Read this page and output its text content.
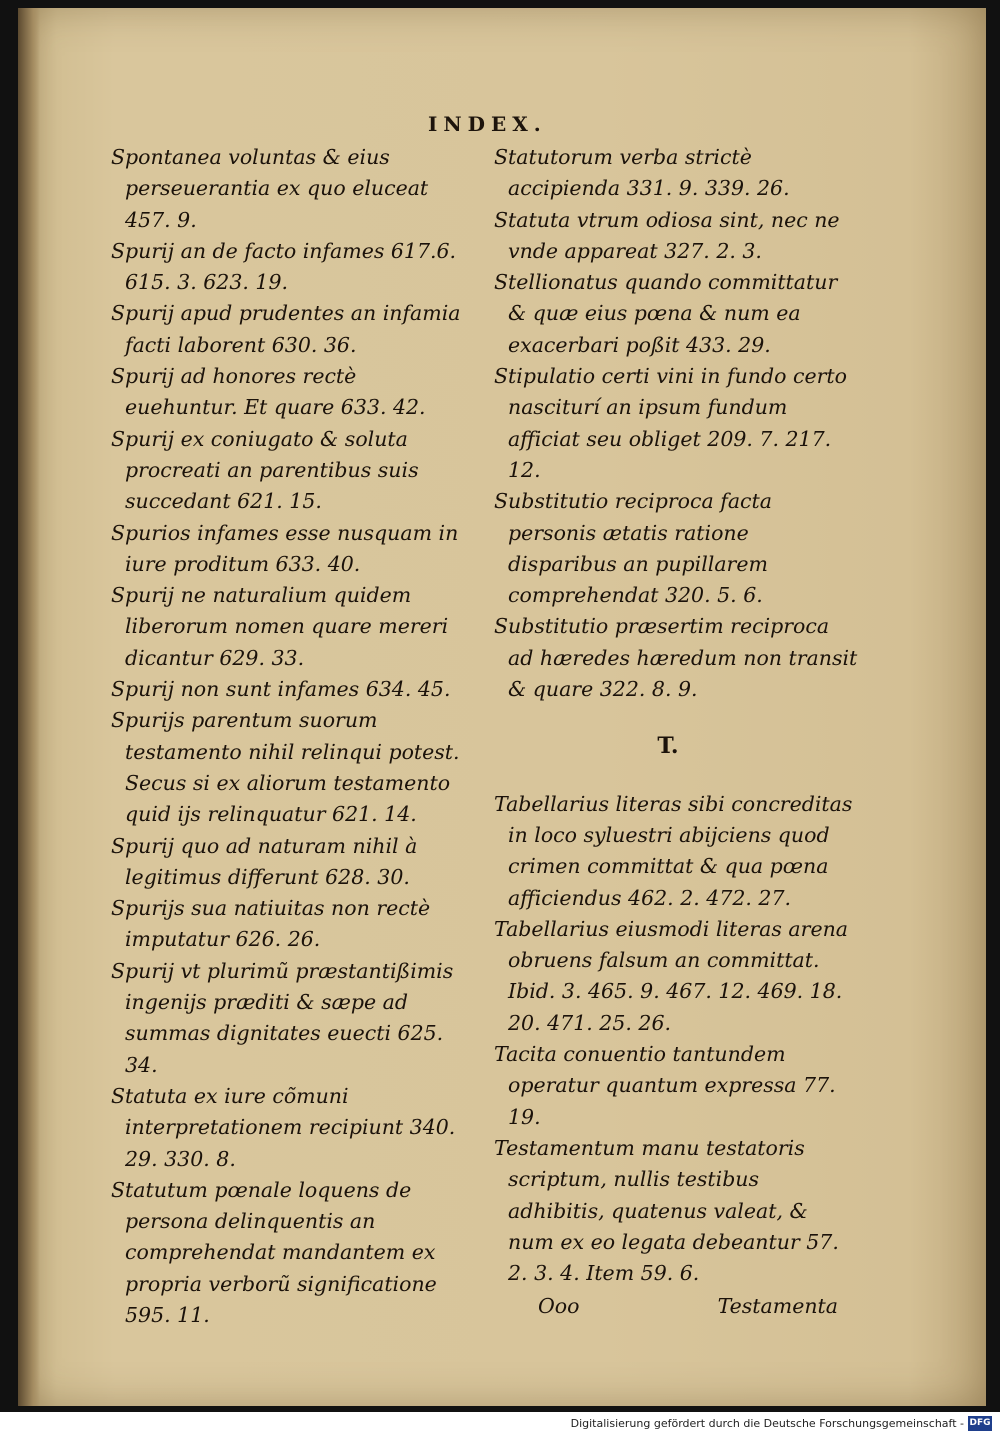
INDEX.

Spontanea voluntas & eius perseuerantia ex quo eluceat 457. 9.

Spurij an de facto infames 617.6. 615. 3. 623. 19.

Spurij apud prudentes an infamia facti laborent 630. 36.

Spurij ad honores rectè euehuntur. Et quare 633. 42.

Spurij ex coniugato & soluta procreati an parentibus suis succedant 621. 15.

Spurios infames esse nusquam in iure proditum 633. 40.

Spurij ne naturalium quidem liberorum nomen quare mereri dicantur 629. 33.

Spurij non sunt infames 634. 45.

Spurijs parentum suorum testamento nihil relinqui potest. Secus si ex aliorum testamento quid ijs relinquatur 621. 14.

Spurij quo ad naturam nihil à legitimus differunt 628. 30.

Spurijs sua natiuitas non rectè imputatur 626. 26.

Spurij vt plurimũ præstantißimis ingenijs præditi & sæpe ad summas dignitates euecti 625. 34.

Statuta ex iure cõmuni interpretationem recipiunt 340. 29. 330. 8.

Statutum pœnale loquens de persona delinquentis an comprehendat mandantem ex propria verborũ significatione 595. 11.

Statutorum verba strictè accipienda 331. 9. 339. 26.

Statuta vtrum odiosa sint, nec ne vnde appareat 327. 2. 3.

Stellionatus quando committatur & quæ eius pœna & num ea exacerbari poßit 433. 29.

Stipulatio certi vini in fundo certo nasciturí an ipsum fundum afficiat seu obliget 209. 7. 217. 12.

Substitutio reciproca facta personis ætatis ratione disparibus an pupillarem comprehendat 320. 5. 6.

Substitutio præsertim reciproca ad hæredes hæredum non transit & quare 322. 8. 9.

T.

Tabellarius literas sibi concreditas in loco syluestri abijciens quod crimen committat & qua pœna afficiendus 462. 2. 472. 27.

Tabellarius eiusmodi literas arena obruens falsum an committat. Ibid. 3. 465. 9. 467. 12. 469. 18. 20. 471. 25. 26.

Tacita conuentio tantundem operatur quantum expressa 77. 19.

Testamentum manu testatoris scriptum, nullis testibus adhibitis, quatenus valeat, & num ex eo legata debeantur 57. 2. 3. 4. Item 59. 6.

Ooo	Testamenta
Digitalisierung gefördert durch die Deutsche Forschungsgemeinschaft - DFG
